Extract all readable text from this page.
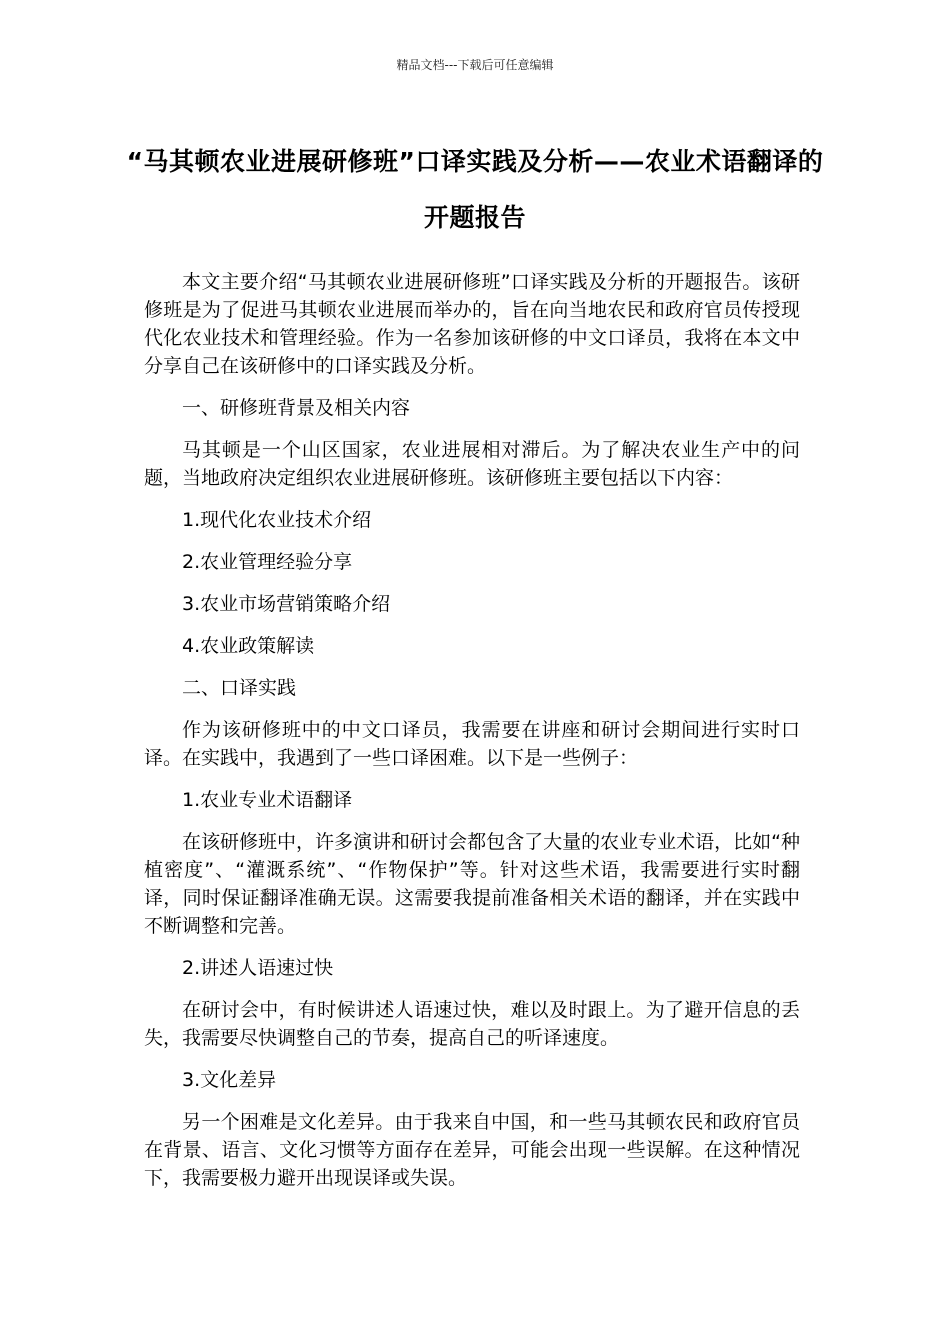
精品文档---下载后可任意编辑
“马其顿农业进展研修班”口译实践及分析——农业术语翻译的开题报告

本文主要介绍“马其顿农业进展研修班”口译实践及分析的开题报告。该研修班是为了促进马其顿农业进展而举办的，旨在向当地农民和政府官员传授现代化农业技术和管理经验。作为一名参加该研修的中文口译员，我将在本文中分享自己在该研修中的口译实践及分析。

一、研修班背景及相关内容

马其顿是一个山区国家，农业进展相对滞后。为了解决农业生产中的问题，当地政府决定组织农业进展研修班。该研修班主要包括以下内容：

1.现代化农业技术介绍

2.农业管理经验分享

3.农业市场营销策略介绍

4.农业政策解读

二、口译实践

作为该研修班中的中文口译员，我需要在讲座和研讨会期间进行实时口译。在实践中，我遇到了一些口译困难。以下是一些例子：

1.农业专业术语翻译

在该研修班中，许多演讲和研讨会都包含了大量的农业专业术语，比如“种植密度”、“灌溉系统”、“作物保护”等。针对这些术语，我需要进行实时翻译，同时保证翻译准确无误。这需要我提前准备相关术语的翻译，并在实践中不断调整和完善。

2.讲述人语速过快

在研讨会中，有时候讲述人语速过快，难以及时跟上。为了避开信息的丢失，我需要尽快调整自己的节奏，提高自己的听译速度。

3.文化差异

另一个困难是文化差异。由于我来自中国，和一些马其顿农民和政府官员在背景、语言、文化习惯等方面存在差异，可能会出现一些误解。在这种情况下，我需要极力避开出现误译或失误。
